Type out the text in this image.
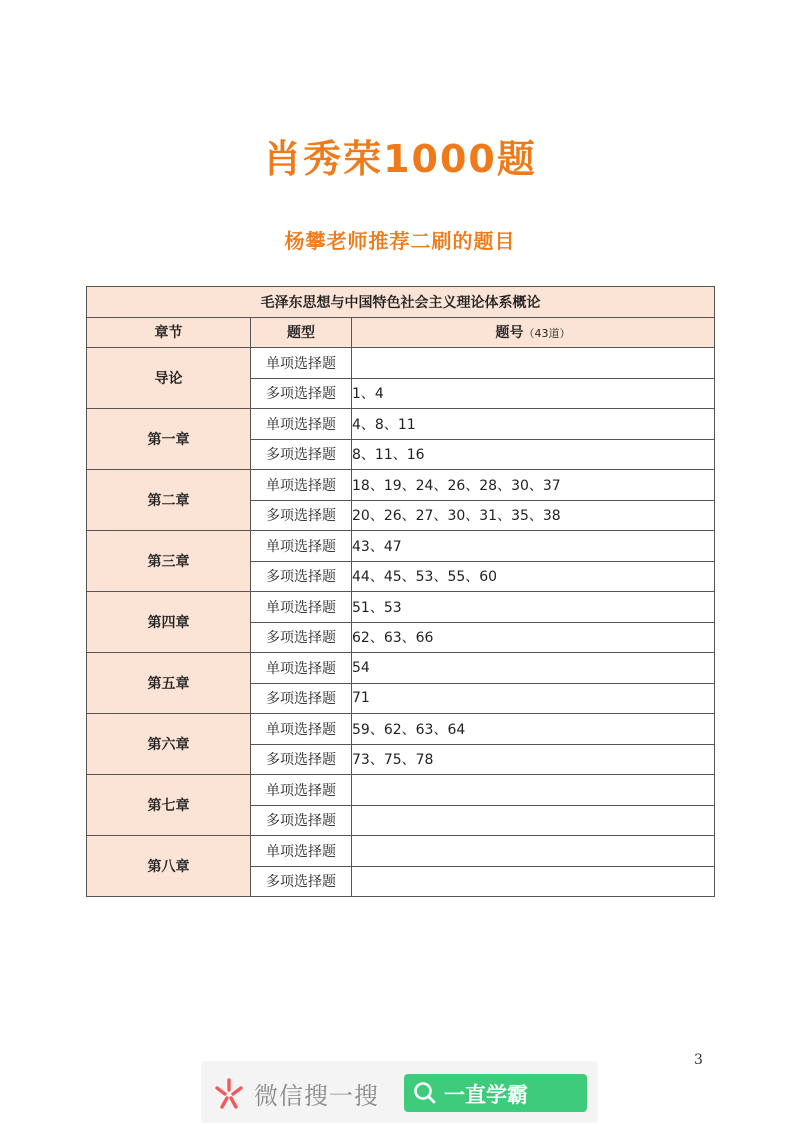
肖秀荣1000题
杨攀老师推荐二刷的题目
毛泽东思想与中国特色社会主义理论体系概论		
章节	题型	题号（43道）
导论	单项选择题	
	多项选择题	1、4
第一章	单项选择题	4、8、11
	多项选择题	8、11、16
第二章	单项选择题	18、19、24、26、28、30、37
	多项选择题	20、26、27、30、31、35、38
第三章	单项选择题	43、47
	多项选择题	44、45、53、55、60
第四章	单项选择题	51、53
	多项选择题	62、63、66
第五章	单项选择题	54
	多项选择题	71
第六章	单项选择题	59、62、63、64
	多项选择题	73、75、78
第七章	单项选择题	
	多项选择题	
第八章	单项选择题	
	多项选择题	
3
微信搜一搜	一直学霸
